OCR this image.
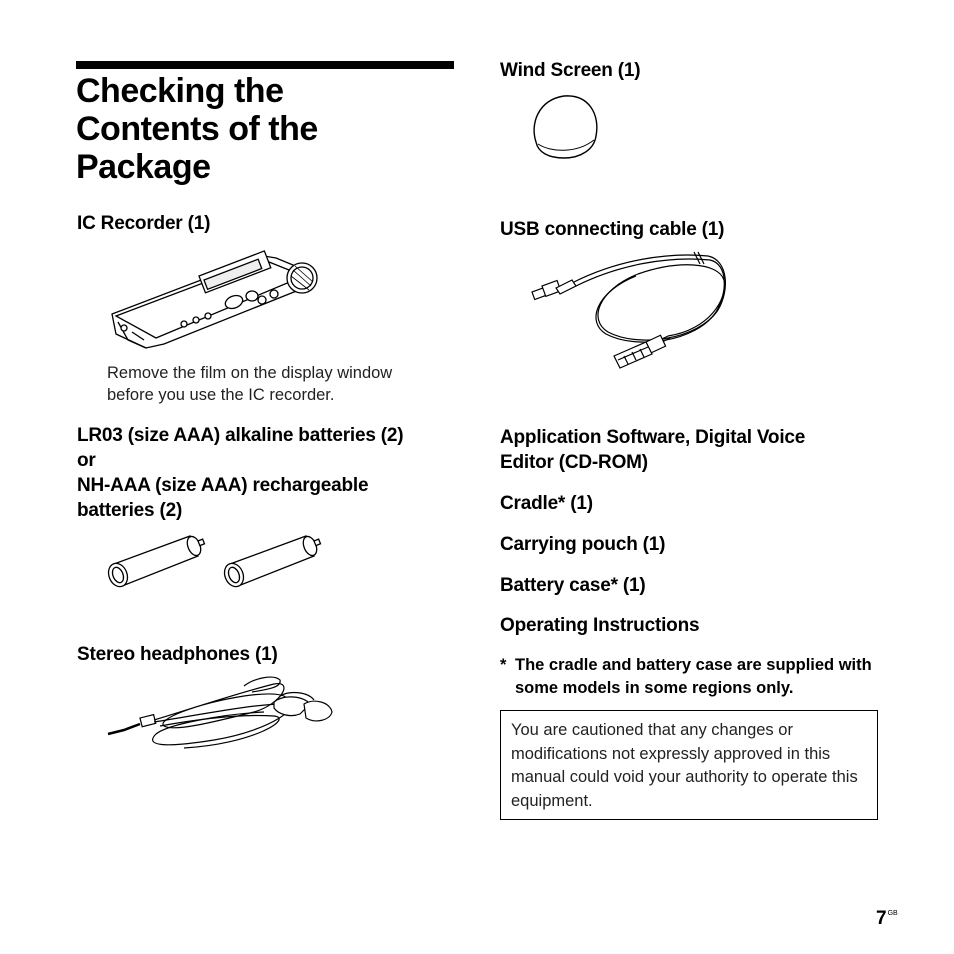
Checking the
Contents of the
Package
IC Recorder (1)
Remove the film on the display window before you use the IC recorder.
LR03 (size AAA) alkaline batteries (2)
or
NH-AAA (size AAA) rechargeable
batteries (2)
Stereo headphones (1)
Wind Screen (1)
USB connecting cable (1)
Application Software, Digital Voice
Editor (CD-ROM)
Cradle* (1)
Carrying pouch (1)
Battery case* (1)
Operating Instructions
* The cradle and battery case are supplied with some models in some regions only.
You are cautioned that any changes or modifications not expressly approved in this manual could void your authority to operate this equipment.
$7^{GB}$
